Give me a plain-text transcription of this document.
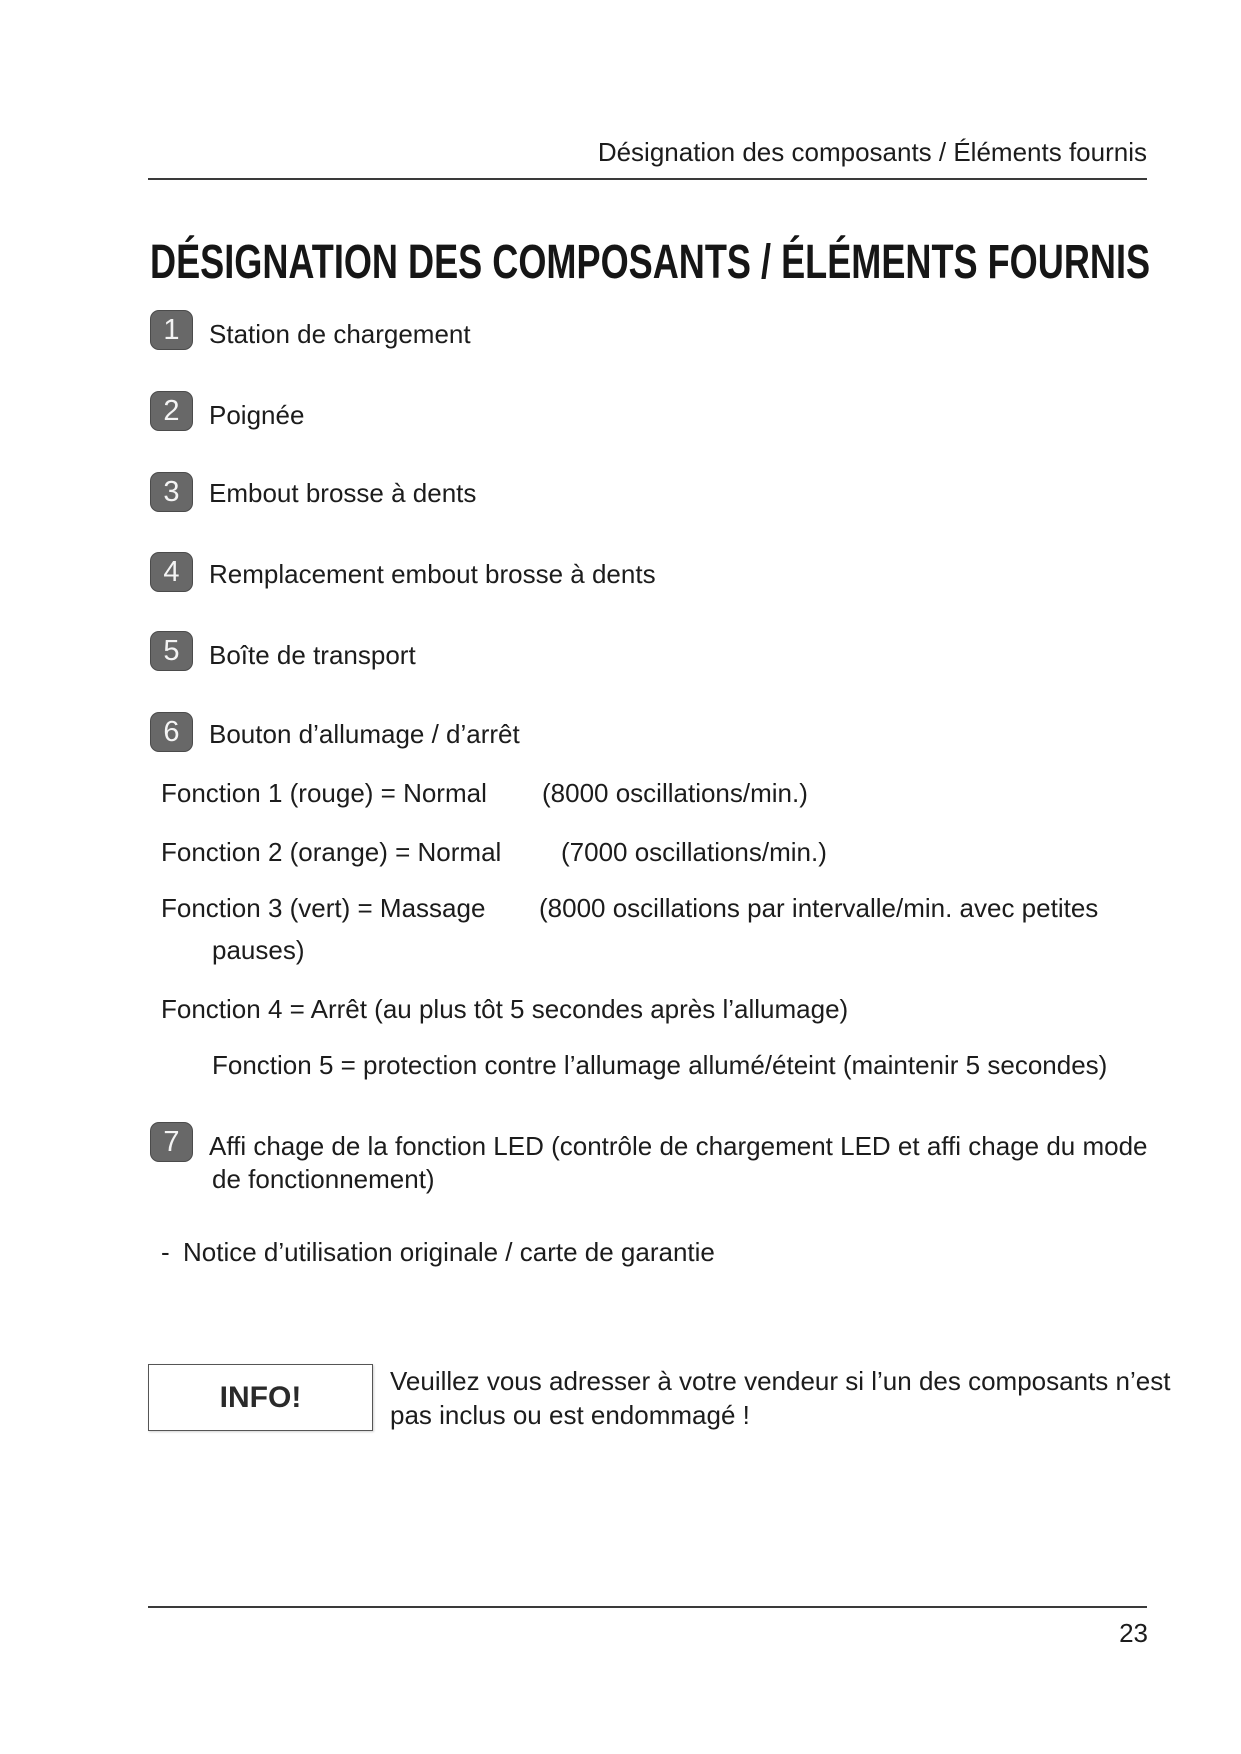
Désignation des composants / Éléments fournis
DÉSIGNATION DES COMPOSANTS / ÉLÉMENTS FOURNIS
1	Station de chargement
2	Poignée
3	Embout brosse à dents
4	Remplacement embout brosse à dents
5	Boîte de transport
6	Bouton d’allumage / d’arrêt
Fonction 1 (rouge) = Normal (8000 oscillations/min.)
Fonction 2 (orange) = Normal (7000 oscillations/min.)
Fonction 3 (vert) = Massage (8000 oscillations par intervalle/min. avec petites
pauses)
Fonction 4 = Arrêt (au plus tôt 5 secondes après l’allumage)
Fonction 5 = protection contre l’allumage allumé/éteint (maintenir 5 secondes)
7	Affi chage de la fonction LED (contrôle de chargement LED et affi chage du mode
de fonctionnement)
- Notice d’utilisation originale / carte de garantie
INFO!	Veuillez vous adresser à votre vendeur si l’un des composants n’est
pas inclus ou est endommagé !
23
